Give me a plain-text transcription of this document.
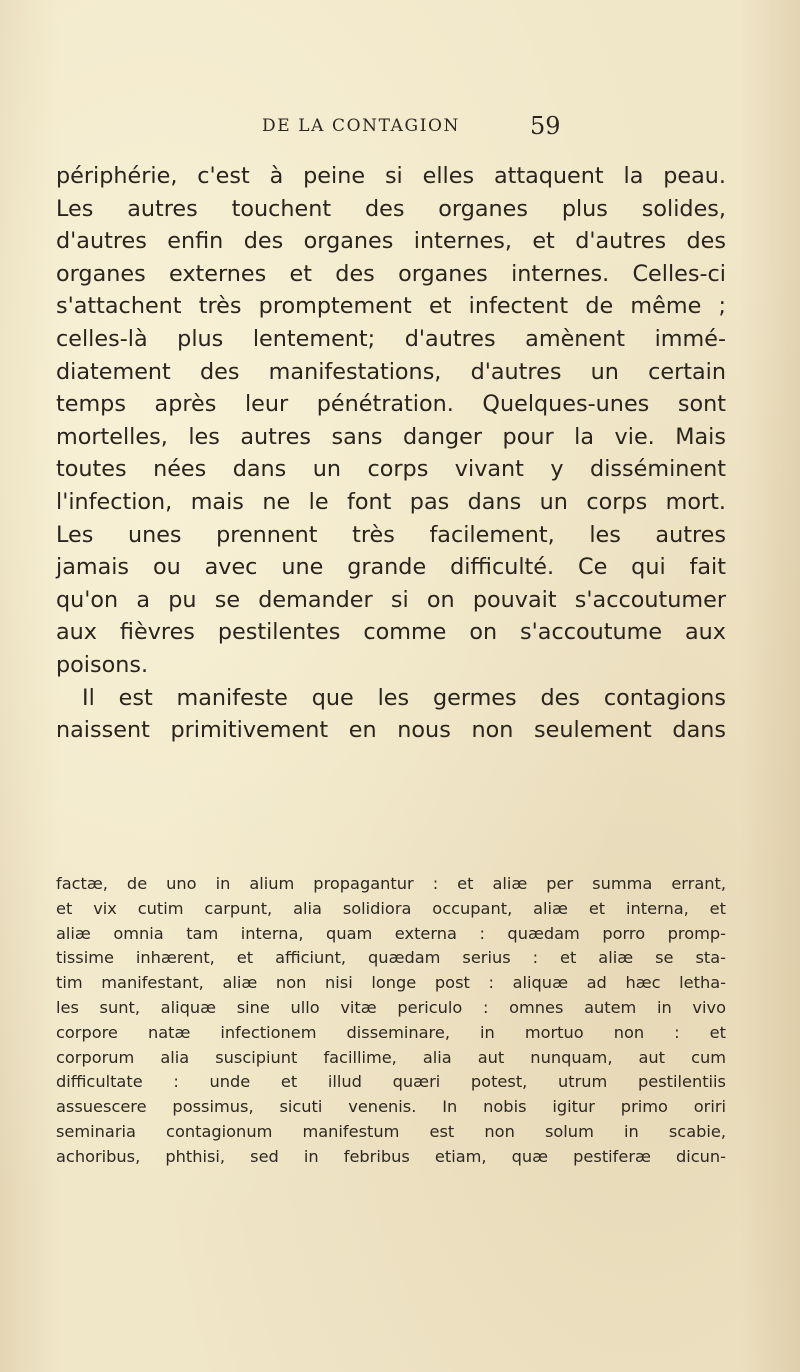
DE LA CONTAGION	59
périphérie, c'est à peine si elles attaquent la peau.
Les autres touchent des organes plus solides,
d'autres enfin des organes internes, et d'autres des
organes externes et des organes internes. Celles-ci
s'attachent très promptement et infectent de même ;
celles-là plus lentement; d'autres amènent immé-
diatement des manifestations, d'autres un certain
temps après leur pénétration. Quelques-unes sont
mortelles, les autres sans danger pour la vie. Mais
toutes nées dans un corps vivant y disséminent
l'infection, mais ne le font pas dans un corps mort.
Les unes prennent très facilement, les autres
jamais ou avec une grande difficulté. Ce qui fait
qu'on a pu se demander si on pouvait s'accoutumer
aux fièvres pestilentes comme on s'accoutume aux
poisons.
Il est manifeste que les germes des contagions
naissent primitivement en nous non seulement dans
factæ, de uno in alium propagantur : et aliæ per summa errant,
et vix cutim carpunt, alia solidiora occupant, aliæ et interna, et
aliæ omnia tam interna, quam externa : quædam porro promp-
tissime inhærent, et afficiunt, quædam serius : et aliæ se sta-
tim manifestant, aliæ non nisi longe post : aliquæ ad hæc letha-
les sunt, aliquæ sine ullo vitæ periculo : omnes autem in vivo
corpore natæ infectionem disseminare, in mortuo non : et
corporum alia suscipiunt facillime, alia aut nunquam, aut cum
difficultate : unde et illud quæri potest, utrum pestilentiis
assuescere possimus, sicuti venenis. In nobis igitur primo oriri
seminaria contagionum manifestum est non solum in scabie,
achoribus, phthisi, sed in febribus etiam, quæ pestiferæ dicun-
